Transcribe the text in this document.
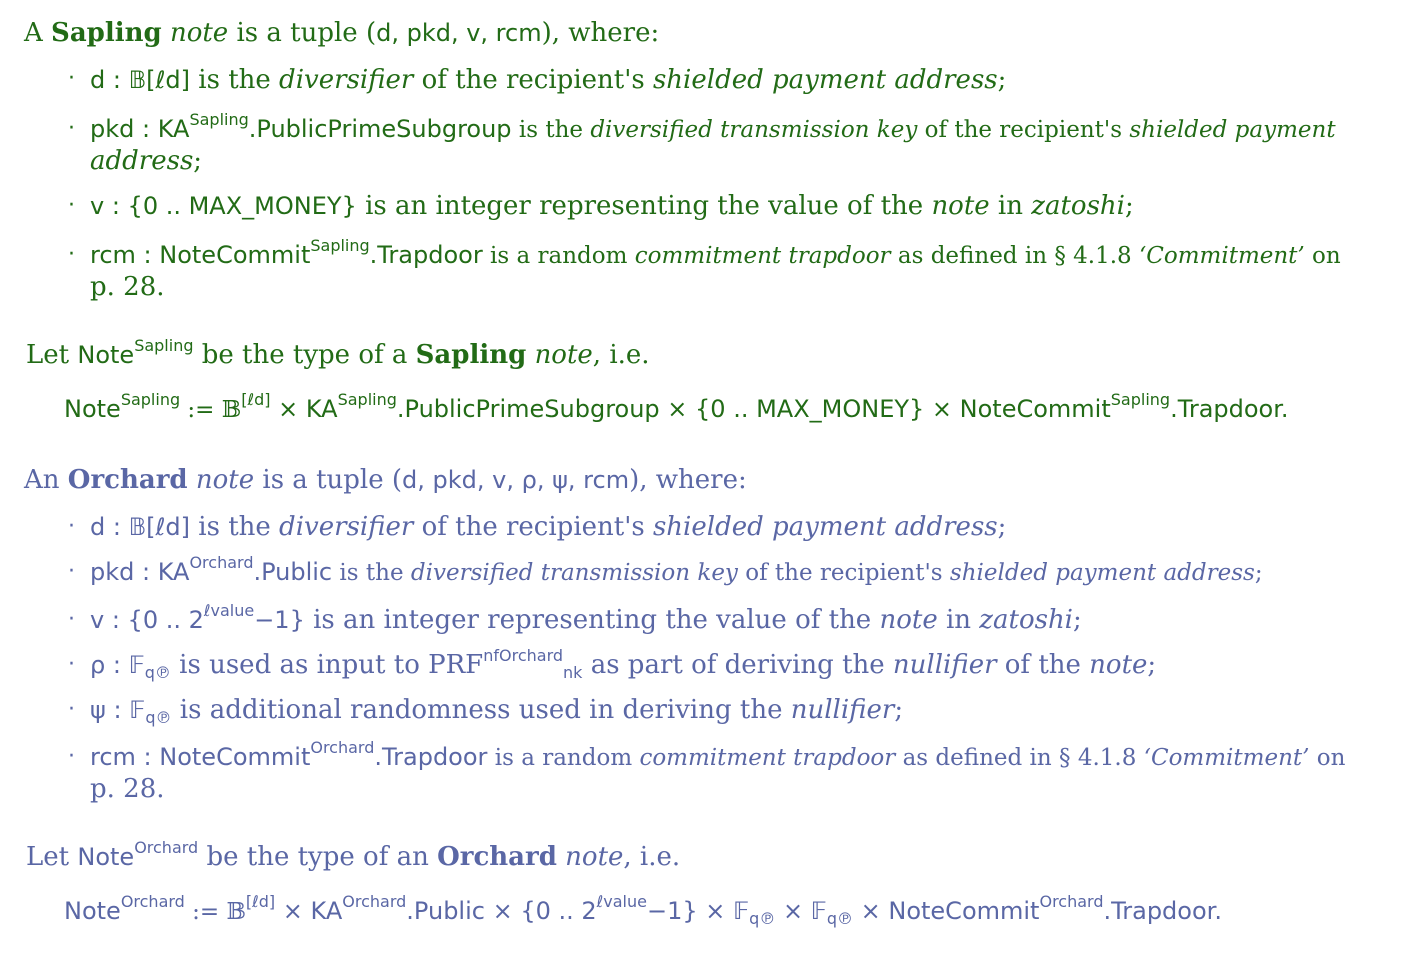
A Sapling note is a tuple (d, pkd, v, rcm), where:
· d : 𝔹[ℓd] is the diversifier of the recipient's shielded payment address;
· pkd : $KA^{Sapling}.PublicPrimeSubgroup$ is the diversified transmission key of the recipient's shielded payment
address;
· v : {0 .. MAX_MONEY} is an integer representing the value of the note in zatoshi;
· rcm : NoteCommit$^{Sapling}$.Trapdoor is a random commitment trapdoor as defined in § 4.1.8 ‘Commitment’ on
p. 28.
Let Note$^{Sapling}$ be the type of a Sapling note, i.e.
Note$^{Sapling}$ := 𝔹[ℓd] × $KA^{Sapling}.PublicPrimeSubgroup \times \{0$ .. MAX_MONEY} × NoteCommit$^{Sapling}$.Trapdoor.
An Orchard note is a tuple (d, pkd, v, ρ, ψ, rcm), where:
· d : 𝔹[ℓd] is the diversifier of the recipient's shielded payment address;
· pkd : $KA^{Orchard}.Public$ is the diversified transmission key of the recipient's shielded payment address;
· v : {0 .. $2^{\ell value}-1$} is an integer representing the value of the note in zatoshi;
· ρ : 𝔽$_{q℗}$ is used as input to $PRF^{nfOrchard}_{nk}$ as part of deriving the nullifier of the note;
· ψ : 𝔽$_{q℗}$ is additional randomness used in deriving the nullifier;
· rcm : NoteCommit$^{Orchard}$.Trapdoor is a random commitment trapdoor as defined in § 4.1.8 ‘Commitment’ on
p. 28.
Let Note$^{Orchard}$ be the type of an Orchard note, i.e.
Note$^{Orchard}$ := 𝔹[ℓd] × $KA^{Orchard}.Public \times \{0$ .. $2^{\ell value}-1$} × 𝔽$_{q℗}$ × 𝔽$_{q℗}$ × NoteCommit$^{Orchard}$.Trapdoor.
